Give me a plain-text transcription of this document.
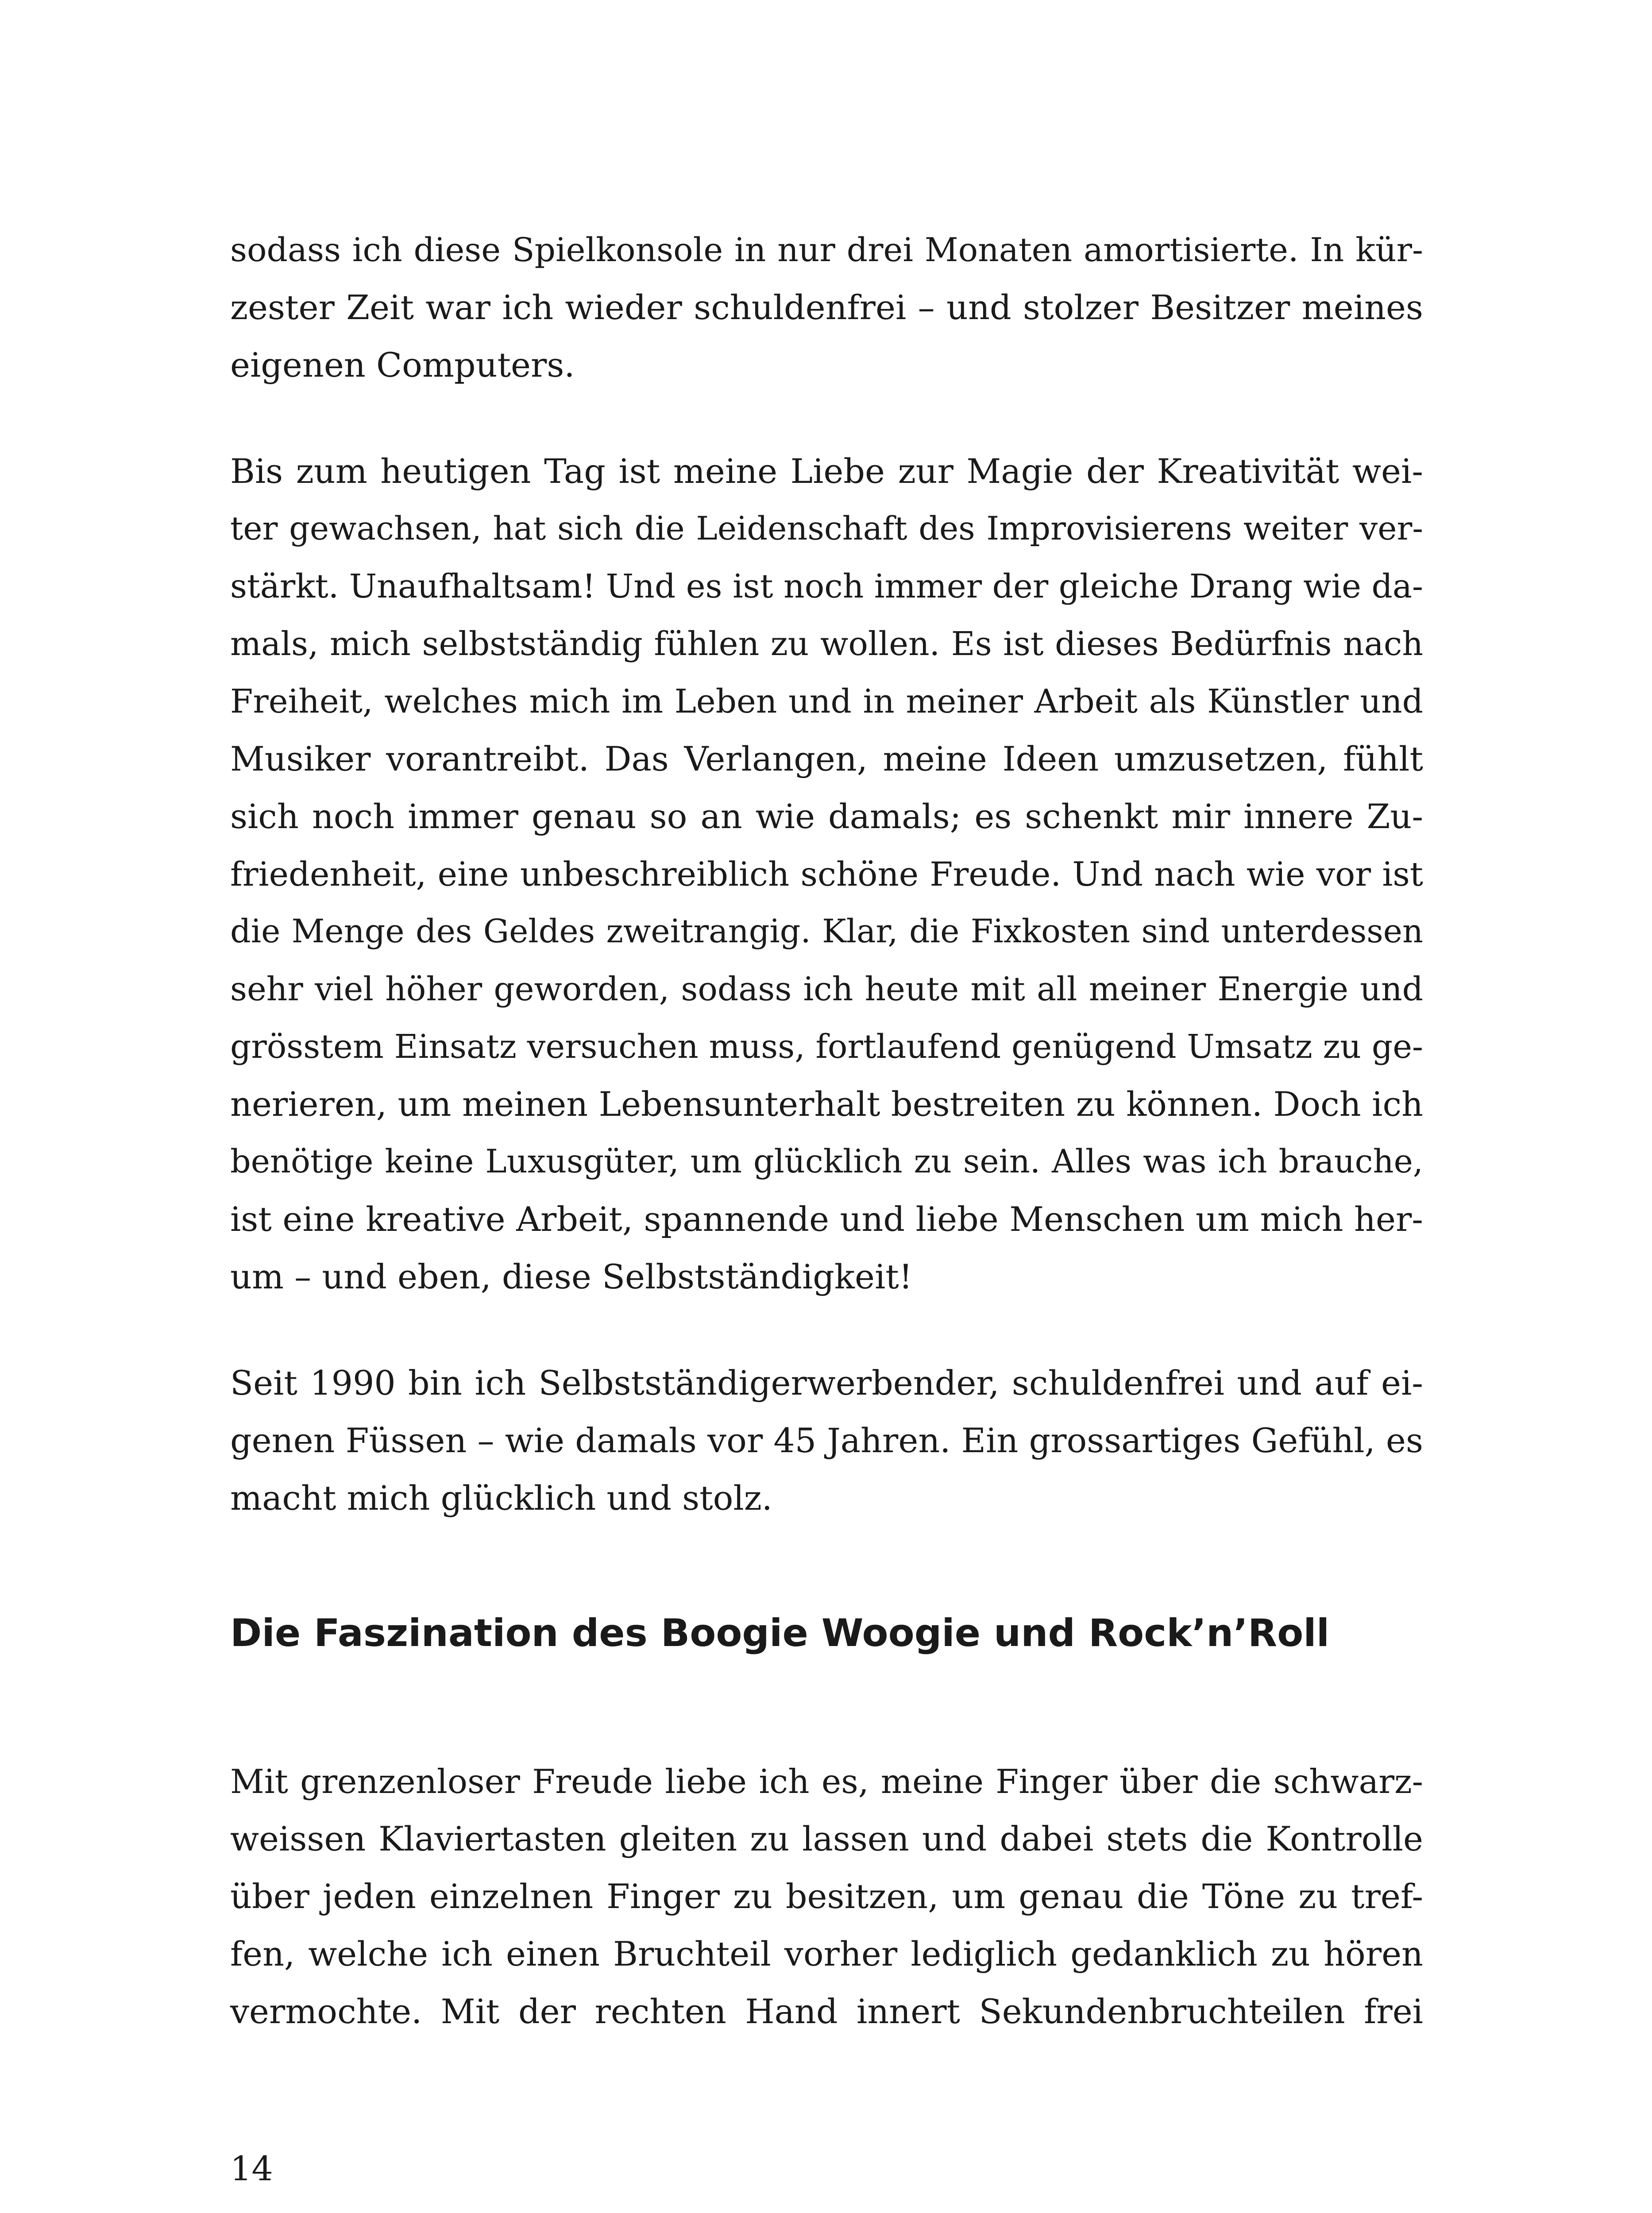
sodass ich diese Spielkonsole in nur drei Monaten amortisierte. In kür-
zester Zeit war ich wieder schuldenfrei – und stolzer Besitzer meines
eigenen Computers.
Bis zum heutigen Tag ist meine Liebe zur Magie der Kreativität wei-
ter gewachsen, hat sich die Leidenschaft des Improvisierens weiter ver-
stärkt. Unaufhaltsam! Und es ist noch immer der gleiche Drang wie da-
mals, mich selbstständig fühlen zu wollen. Es ist dieses Bedürfnis nach
Freiheit, welches mich im Leben und in meiner Arbeit als Künstler und
Musiker vorantreibt. Das Verlangen, meine Ideen umzusetzen, fühlt
sich noch immer genau so an wie damals; es schenkt mir innere Zu-
friedenheit, eine unbeschreiblich schöne Freude. Und nach wie vor ist
die Menge des Geldes zweitrangig. Klar, die Fixkosten sind unterdessen
sehr viel höher geworden, sodass ich heute mit all meiner Energie und
grösstem Einsatz versuchen muss, fortlaufend genügend Umsatz zu ge-
nerieren, um meinen Lebensunterhalt bestreiten zu können. Doch ich
benötige keine Luxusgüter, um glücklich zu sein. Alles was ich brauche,
ist eine kreative Arbeit, spannende und liebe Menschen um mich her-
um – und eben, diese Selbstständigkeit!
Seit 1990 bin ich Selbstständigerwerbender, schuldenfrei und auf ei-
genen Füssen – wie damals vor 45 Jahren. Ein grossartiges Gefühl, es
macht mich glücklich und stolz.
Die Faszination des Boogie Woogie und Rock’n’Roll
Mit grenzenloser Freude liebe ich es, meine Finger über die schwarz-
weissen Klaviertasten gleiten zu lassen und dabei stets die Kontrolle
über jeden einzelnen Finger zu besitzen, um genau die Töne zu tref-
fen, welche ich einen Bruchteil vorher lediglich gedanklich zu hören
vermochte. Mit der rechten Hand innert Sekundenbruchteilen frei
14
